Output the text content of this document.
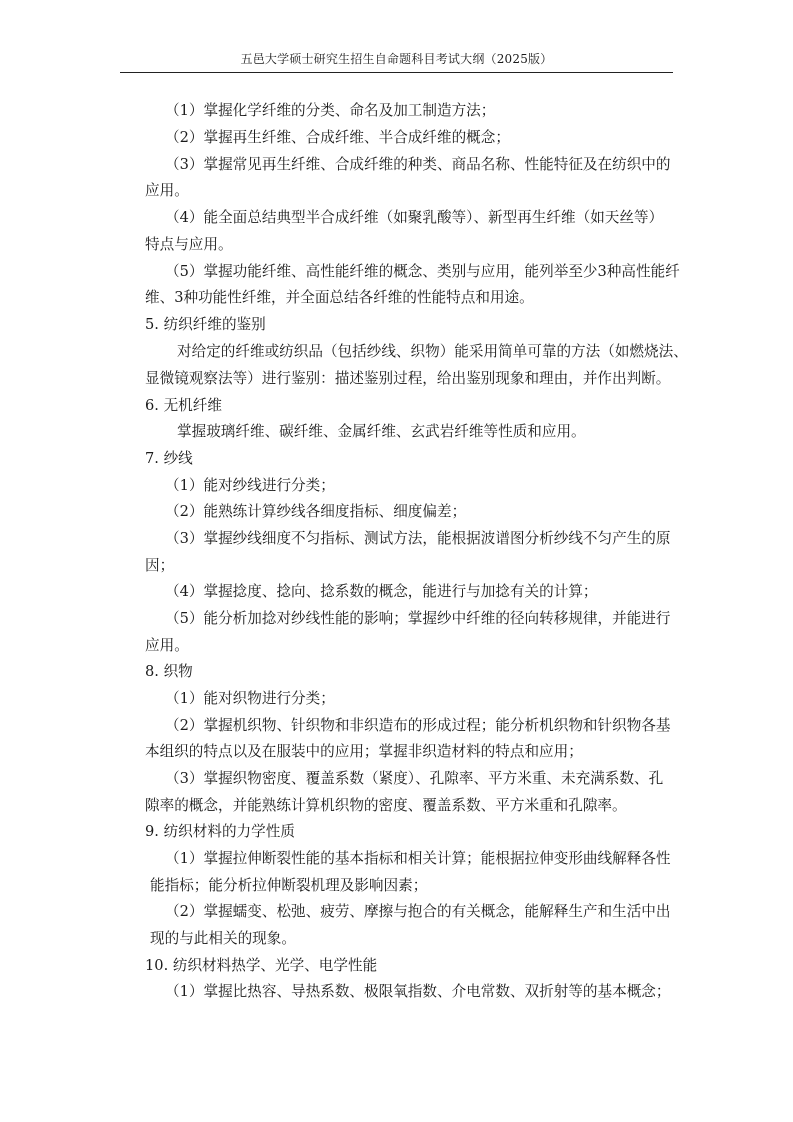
五邑大学硕士研究生招生自命题科目考试大纲（2025版）
（1）掌握化学纤维的分类、命名及加工制造方法；
（2）掌握再生纤维、合成纤维、半合成纤维的概念；
（3）掌握常见再生纤维、合成纤维的种类、商品名称、性能特征及在纺织中的
应用。
（4）能全面总结典型半合成纤维（如聚乳酸等）、新型再生纤维（如天丝等）
特点与应用。
（5）掌握功能纤维、高性能纤维的概念、类别与应用，能列举至少3种高性能纤
维、3种功能性纤维，并全面总结各纤维的性能特点和用途。
5. 纺织纤维的鉴别
对给定的纤维或纺织品（包括纱线、织物）能采用简单可靠的方法（如燃烧法、
显微镜观察法等）进行鉴别：描述鉴别过程，给出鉴别现象和理由，并作出判断。
6. 无机纤维
掌握玻璃纤维、碳纤维、金属纤维、玄武岩纤维等性质和应用。
7. 纱线
（1）能对纱线进行分类；
（2）能熟练计算纱线各细度指标、细度偏差；
（3）掌握纱线细度不匀指标、测试方法，能根据波谱图分析纱线不匀产生的原
因；
（4）掌握捻度、捻向、捻系数的概念，能进行与加捻有关的计算；
（5）能分析加捻对纱线性能的影响；掌握纱中纤维的径向转移规律，并能进行
应用。
8. 织物
（1）能对织物进行分类；
（2）掌握机织物、针织物和非织造布的形成过程；能分析机织物和针织物各基
本组织的特点以及在服装中的应用；掌握非织造材料的特点和应用；
（3）掌握织物密度、覆盖系数（紧度）、孔隙率、平方米重、未充满系数、孔
隙率的概念，并能熟练计算机织物的密度、覆盖系数、平方米重和孔隙率。
9. 纺织材料的力学性质
（1）掌握拉伸断裂性能的基本指标和相关计算；能根据拉伸变形曲线解释各性
能指标；能分析拉伸断裂机理及影响因素；
（2）掌握蠕变、松弛、疲劳、摩擦与抱合的有关概念，能解释生产和生活中出
现的与此相关的现象。
10. 纺织材料热学、光学、电学性能
（1）掌握比热容、导热系数、极限氧指数、介电常数、双折射等的基本概念；
